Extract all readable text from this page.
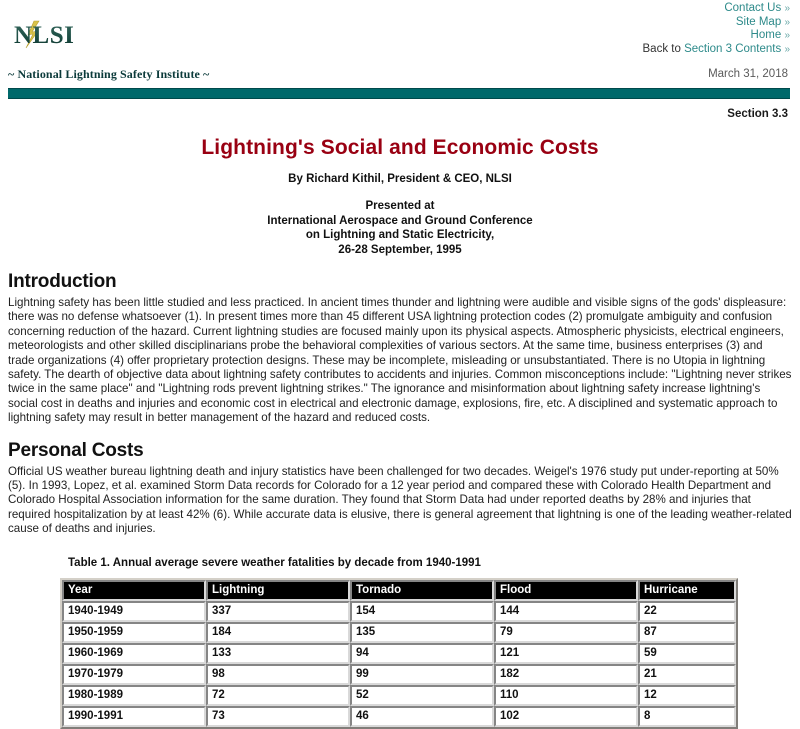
NLSI
Contact Us »
Site Map »
Home »
Back to Section 3 Contents »
~ National Lightning Safety Institute ~	March 31, 2018
Section 3.3
Lightning's Social and Economic Costs
By Richard Kithil, President & CEO, NLSI
Presented at
International Aerospace and Ground Conference
on Lightning and Static Electricity,
26-28 September, 1995
Introduction

Lightning safety has been little studied and less practiced. In ancient times thunder and lightning were audible and visible signs of the gods' displeasure: there was no defense whatsoever (1). In present times more than 45 different USA lightning protection codes (2) promulgate ambiguity and confusion concerning reduction of the hazard. Current lightning studies are focused mainly upon its physical aspects. Atmospheric physicists, electrical engineers, meteorologists and other skilled disciplinarians probe the behavioral complexities of various sectors. At the same time, business enterprises (3) and trade organizations (4) offer proprietary protection designs. These may be incomplete, misleading or unsubstantiated. There is no Utopia in lightning safety. The dearth of objective data about lightning safety contributes to accidents and injuries. Common misconceptions include: "Lightning never strikes twice in the same place" and "Lightning rods prevent lightning strikes." The ignorance and misinformation about lightning safety increase lightning's social cost in deaths and injuries and economic cost in electrical and electronic damage, explosions, fire, etc. A disciplined and systematic approach to lightning safety may result in better management of the hazard and reduced costs.

Personal Costs

Official US weather bureau lightning death and injury statistics have been challenged for two decades. Weigel's 1976 study put under-reporting at 50% (5). In 1993, Lopez, et al. examined Storm Data records for Colorado for a 12 year period and compared these with Colorado Health Department and Colorado Hospital Association information for the same duration. They found that Storm Data had under reported deaths by 28% and injuries that required hospitalization by at least 42% (6). While accurate data is elusive, there is general agreement that lightning is one of the leading weather-related cause of deaths and injuries.

Table 1. Annual average severe weather fatalities by decade from 1940-1991
Year	Lightning	Tornado	Flood	Hurricane
1940-1949	337	154	144	22
1950-1959	184	135	79	87
1960-1969	133	94	121	59
1970-1979	98	99	182	21
1980-1989	72	52	110	12
1990-1991	73	46	102	8
